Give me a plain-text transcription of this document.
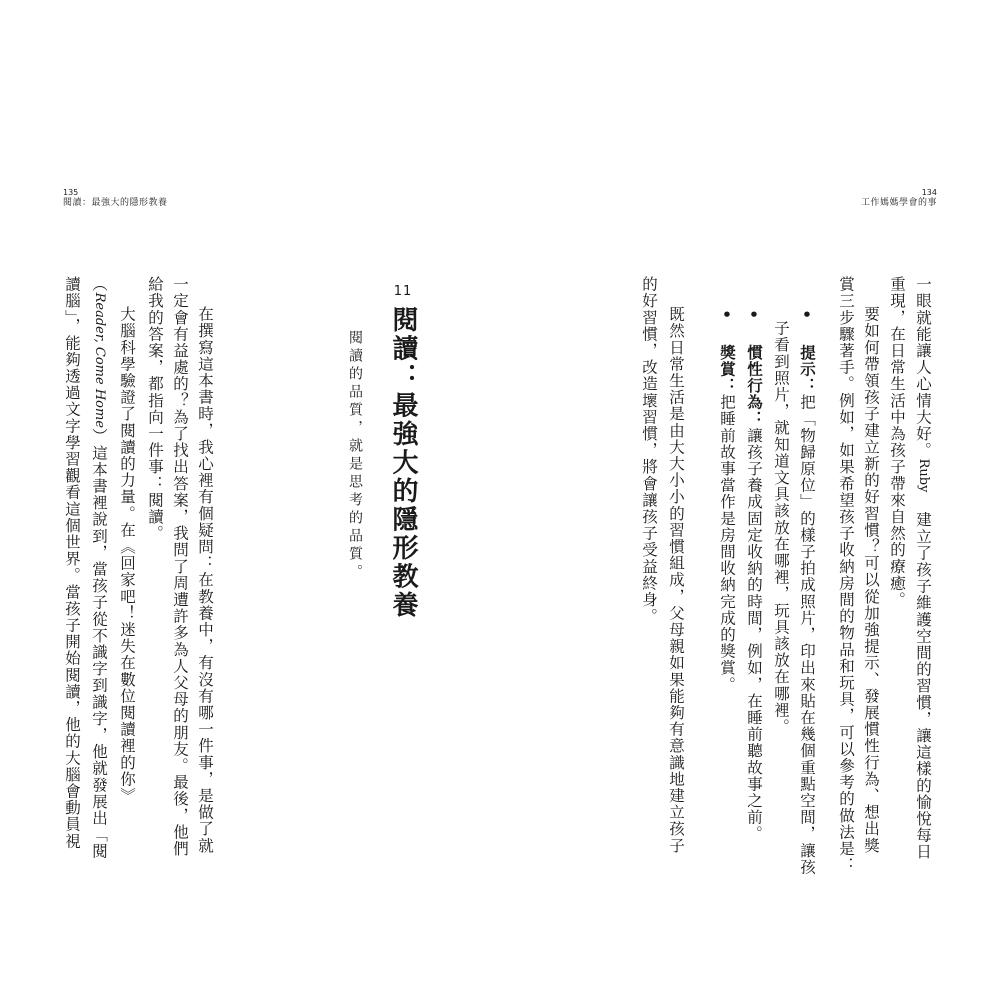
135
閱讀：最強大的隱形教養
11
閱讀：最強大的隱形教養
閱讀的品質，就是思考的品質。
在撰寫這本書時，我心裡有個疑問：在教養中，有沒有哪一件事，是做了就
一定會有益處的？為了找出答案，我問了周遭許多為人父母的朋友。最後，他們
給我的答案，都指向一件事：閱讀。
大腦科學驗證了閱讀的力量。在《回家吧！迷失在數位閱讀裡的你》
（Reader, Come Home）這本書裡說到，當孩子從不識字到識字，他就發展出「閱
讀腦」，能夠透過文字學習觀看這個世界。當孩子開始閱讀，他的大腦會動員視
134
工作媽媽學會的事
一眼就能讓人心情大好。Ruby 建立了孩子維護空間的習慣，讓這樣的愉悅每日
重現，在日常生活中為孩子帶來自然的療癒。
要如何帶領孩子建立新的好習慣？可以從加強提示、發展慣性行為、想出獎
賞三步驟著手。例如，如果希望孩子收納房間的物品和玩具，可以參考的做法是：
• 提示：把「物歸原位」的樣子拍成照片，印出來貼在幾個重點空間，讓孩
子看到照片，就知道文具該放在哪裡，玩具該放在哪裡。
• 慣性行為：讓孩子養成固定收納的時間，例如，在睡前聽故事之前。
• 獎賞：把睡前故事當作是房間收納完成的獎賞。
既然日常生活是由大大小小的習慣組成，父母親如果能夠有意識地建立孩子
的好習慣，改造壞習慣，將會讓孩子受益終身。
